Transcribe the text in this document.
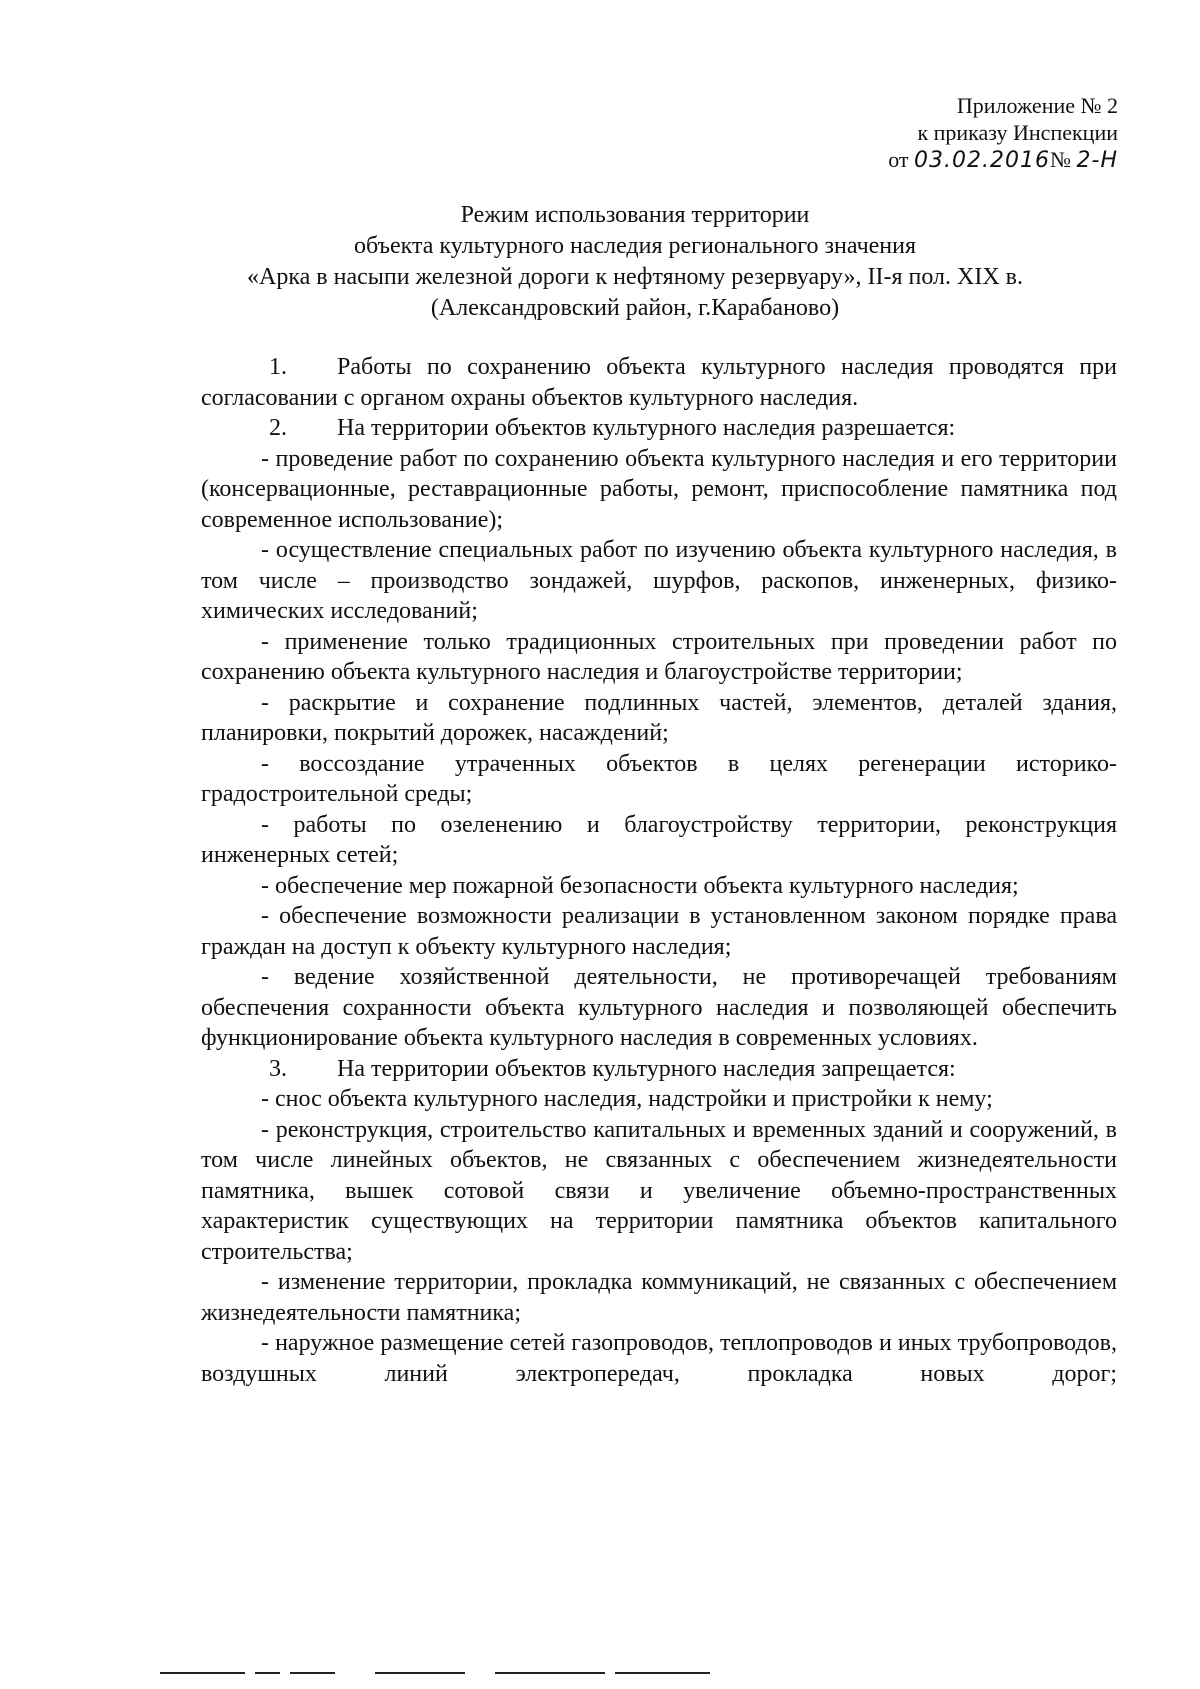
Приложение № 2
к приказу Инспекции
от 03.02.2016№ 2-Н
Режим использования территории
объекта культурного наследия регионального значения
«Арка в насыпи железной дороги к нефтяному резервуару», II-я пол. XIX в.
(Александровский район, г.Карабаново)

1. Работы по сохранению объекта культурного наследия проводятся при согласовании с органом охраны объектов культурного наследия.

2. На территории объектов культурного наследия разрешается:

- проведение работ по сохранению объекта культурного наследия и его территории (консервационные, реставрационные работы, ремонт, приспособление памятника под современное использование);

- осуществление специальных работ по изучению объекта культурного наследия, в том числе – производство зондажей, шурфов, раскопов, инженерных, физико-химических исследований;

- применение только традиционных строительных при проведении работ по сохранению объекта культурного наследия и благоустройстве территории;

- раскрытие и сохранение подлинных частей, элементов, деталей здания, планировки, покрытий дорожек, насаждений;

- воссоздание утраченных объектов в целях регенерации историко-градостроительной среды;

- работы по озеленению и благоустройству территории, реконструкция инженерных сетей;

- обеспечение мер пожарной безопасности объекта культурного наследия;

- обеспечение возможности реализации в установленном законом порядке права граждан на доступ к объекту культурного наследия;

- ведение хозяйственной деятельности, не противоречащей требованиям обеспечения сохранности объекта культурного наследия и позволяющей обеспечить функционирование объекта культурного наследия в современных условиях.

3. На территории объектов культурного наследия запрещается:

- снос объекта культурного наследия, надстройки и пристройки к нему;

- реконструкция, строительство капитальных и временных зданий и сооружений, в том числе линейных объектов, не связанных с обеспечением жизнедеятельности памятника, вышек сотовой связи и увеличение объемно-пространственных характеристик существующих на территории памятника объектов капитального строительства;

- изменение территории, прокладка коммуникаций, не связанных с обеспечением жизнедеятельности памятника;

- наружное размещение сетей газопроводов, теплопроводов и иных трубопроводов, воздушных линий электропередач, прокладка новых дорог;
